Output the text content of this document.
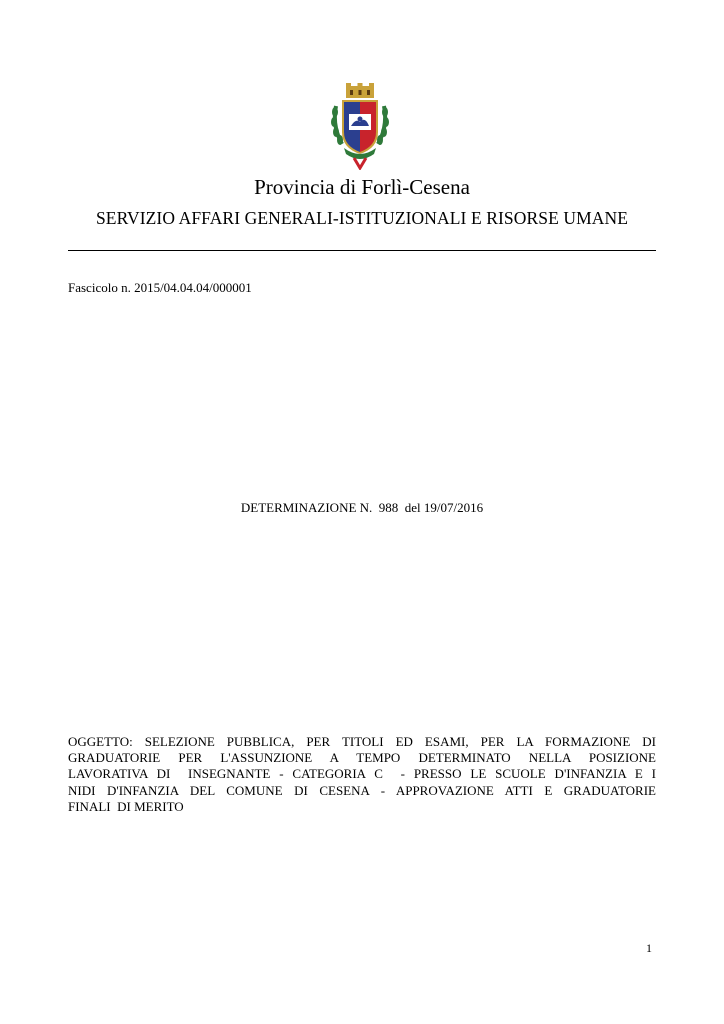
Provincia di Forlì-Cesena
SERVIZIO AFFARI GENERALI-ISTITUZIONALI E RISORSE UMANE
Fascicolo n. 2015/04.04.04/000001
DETERMINAZIONE N.  988  del 19/07/2016
OGGETTO: SELEZIONE PUBBLICA, PER TITOLI ED ESAMI, PER LA FORMAZIONE DI
GRADUATORIE PER L'ASSUNZIONE A TEMPO DETERMINATO NELLA POSIZIONE
LAVORATIVA DI  INSEGNANTE - CATEGORIA C  - PRESSO LE SCUOLE D'INFANZIA E I
NIDI D'INFANZIA DEL COMUNE DI CESENA - APPROVAZIONE ATTI E GRADUATORIE
FINALI  DI MERITO
1
